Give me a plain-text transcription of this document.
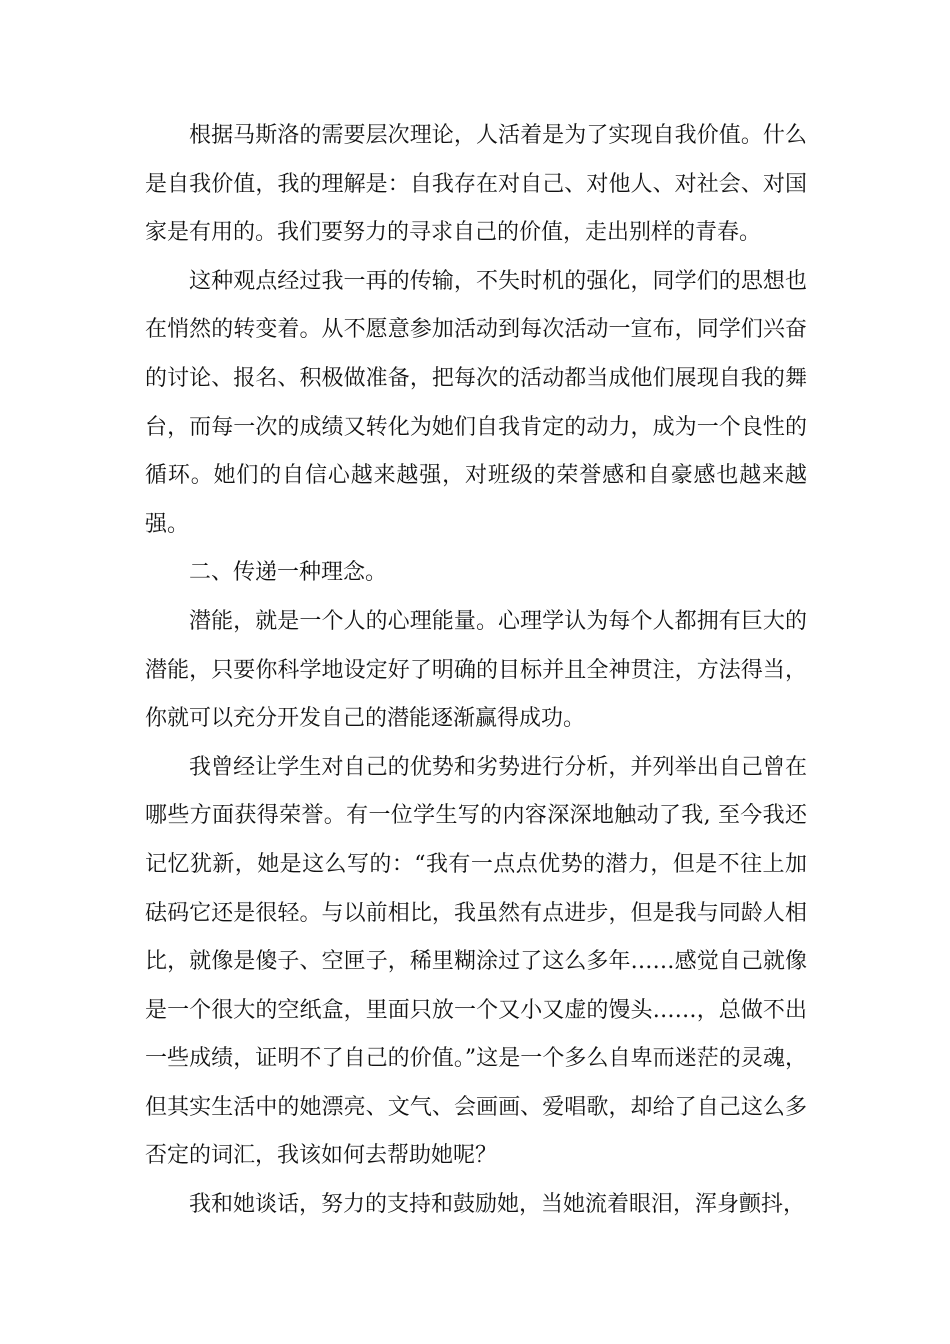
根据马斯洛的需要层次理论，人活着是为了实现自我价值。什么是自我价值，我的理解是：自我存在对自己、对他人、对社会、对国家是有用的。我们要努力的寻求自己的价值，走出别样的青春。

这种观点经过我一再的传输，不失时机的强化，同学们的思想也在悄然的转变着。从不愿意参加活动到每次活动一宣布，同学们兴奋的讨论、报名、积极做准备，把每次的活动都当成他们展现自我的舞台，而每一次的成绩又转化为她们自我肯定的动力，成为一个良性的循环。她们的自信心越来越强，对班级的荣誉感和自豪感也越来越强。

二、传递一种理念。

潜能，就是一个人的心理能量。心理学认为每个人都拥有巨大的潜能，只要你科学地设定好了明确的目标并且全神贯注，方法得当，你就可以充分开发自己的潜能逐渐赢得成功。

我曾经让学生对自己的优势和劣势进行分析，并列举出自己曾在哪些方面获得荣誉。有一位学生写的内容深深地触动了我, 至今我还记忆犹新，她是这么写的：“我有一点点优势的潜力，但是不往上加砝码它还是很轻。与以前相比，我虽然有点进步，但是我与同龄人相比，就像是傻子、空匣子，稀里糊涂过了这么多年……感觉自己就像是一个很大的空纸盒，里面只放一个又小又虚的馒头……，总做不出一些成绩，证明不了自己的价值。”这是一个多么自卑而迷茫的灵魂，但其实生活中的她漂亮、文气、会画画、爱唱歌，却给了自己这么多否定的词汇，我该如何去帮助她呢？

我和她谈话，努力的支持和鼓励她，当她流着眼泪，浑身颤抖，
